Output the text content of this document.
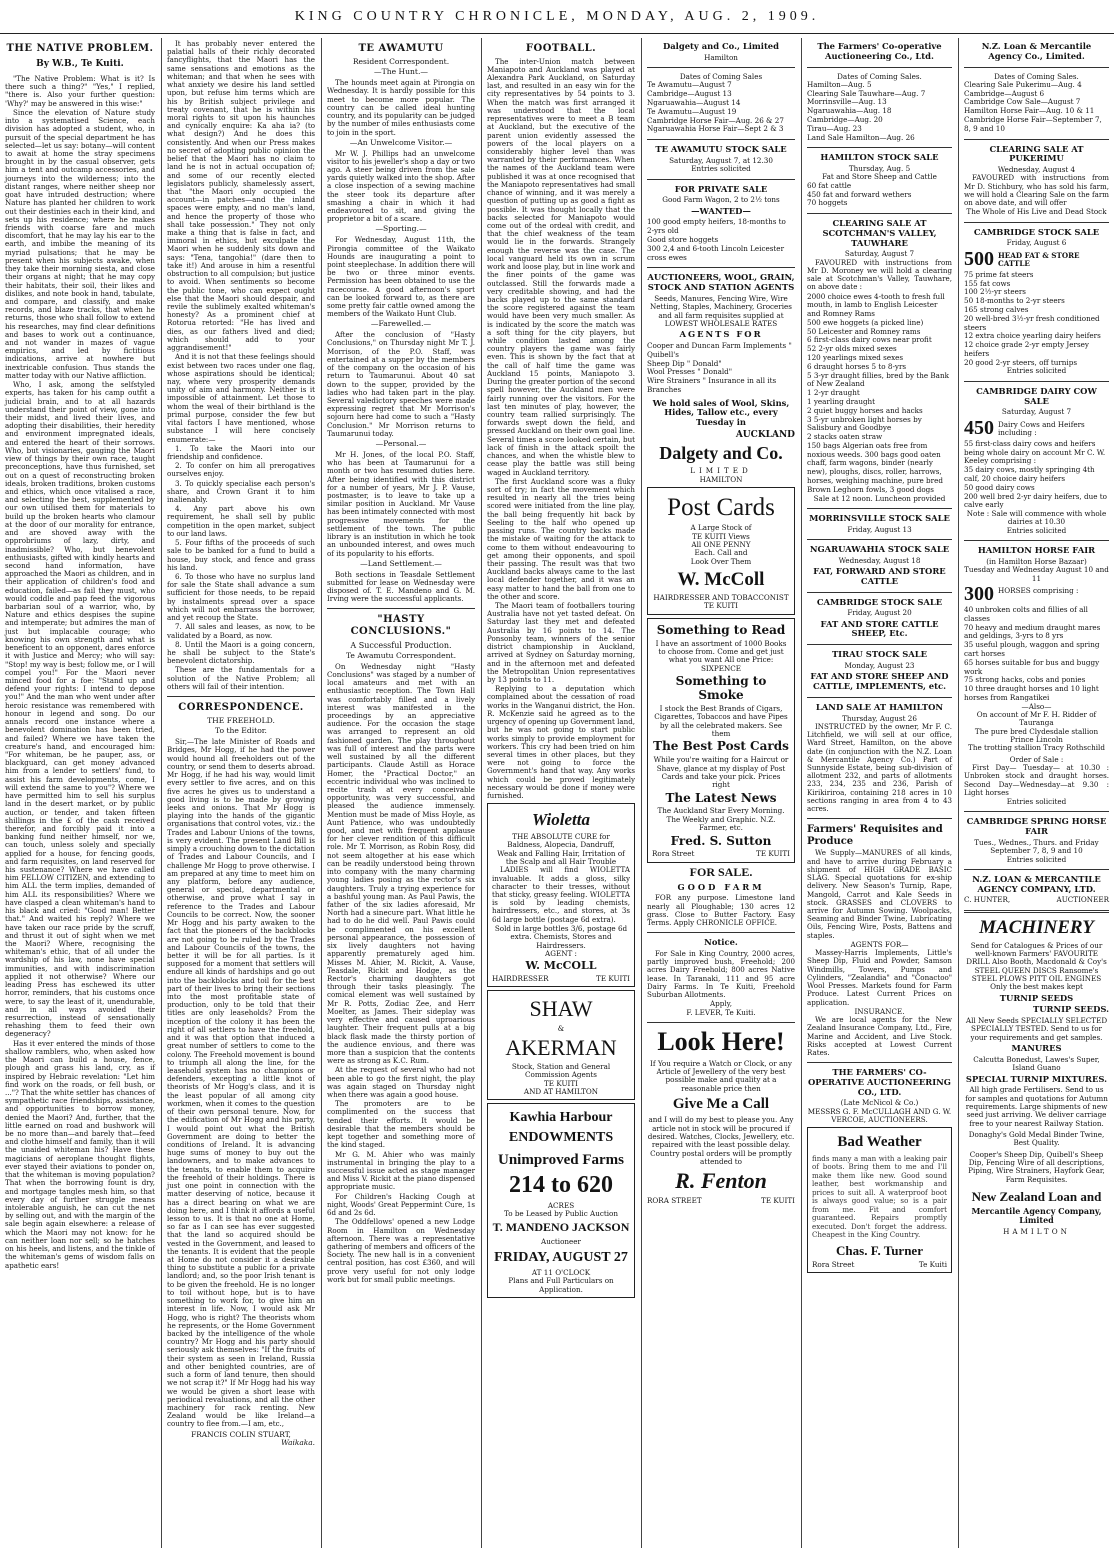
KING COUNTRY CHRONICLE, MONDAY, AUG. 2, 1909.
THE NATIVE PROBLEM.
By W.B., Te Kuiti.

"The Native Problem: What is it? Is there such a thing?" "Yes," I replied, "there is. Also your further question: 'Why?' may be answered in this wise:"

Since the elevation of Nature study into a systematised Science, each division has adopted a student, who, in pursuit of the special department he has selected—let us say: botany—will content to await at home the stray specimens brought in by the casual observer, gets him a tent and outcamp accessories, and journeys into the wilderness; into the distant ranges, where neither sheep nor goat have intruded destruction; where Nature has planted her children to work out their destinies each in their kind, and sets up his residence; where he makes friends with coarse fare and much discomfort, that he may lay his ear to the earth, and imbibe the meaning of its myriad pulsations; that he may be present when his subjects awake, when they take their morning siesta, and close their organs at night; that he may copy their habitats, their soil, their likes and dislikes, and note book in hand, tabulate, and compare, and classify, and make records, and blaze tracks, that when he returns, those who shall follow to extend his researches, may find clear definitions and bases to work out a continuance, and not wander in mazes of vague empirics, and led by fictitious indications, arrive at nowhere but inextricable confusion. Thus stands the matter today with our Native affliction.

Who, I ask, among the selfstyled experts, has taken for his camp outfit a judicial brain, and to at all hazards understand their point of view, gone into their midst, and lived their lives, and adopting their disabilities, their heredity and environment impregnated ideals, and entered the heart of their sorrows. Who, but visionaries, gauging the Maori view of things by their own race, taught preconceptions, have thus furnished, set out on a quest of reconstructing broken ideals, broken traditions, broken customs and ethics, which once vitalised a race, and selecting the best, supplemented by our own utilised them for materials to build up the broken hearts who clamour at the door of our morality for entrance, and are shoved away with the opprobriums of lazy, dirty, and inadmissible? Who, but benevolent enthusiasts, gifted with kindly hearts and second hand information, have approached the Maori as children, and in their application of children's food and education, failed—as fail they must, who would coddle and pap feed the vigorous barbarian soul of a warrior, who, by Nature and ethics despises the supine and intemperate; but admires the man of just but implacable courage; who knowing his own strength and what is beneficent to an opponent, dares enforce it with Justice and Mercy; who will say: "Stop! my way is best; follow me, or I will compel you!" For the Maori never minced food for a foe: "Stand up and defend your rights: I intend to depose you!" And the man who went under after heroic resistance was remembered with honour in legend and song. Do our annals record one instance where a benevolent domination has been tried, and failed? Where we have taken the creature's hand, and encouraged him: "For whiteman, be he pauper, ass, or blackguard, can get money advanced him from a lender to settlers' fund, to assist his farm developments, come, I will extend the same to you"? Where we have permitted him to sell his surplus land in the desert market, or by public auction, or tender, and taken fifteen shillings in the £ of the cash received therefor, and forcibly paid it into a banking fund neither himself, nor we, can touch, unless solely and specially applied for a house, for fencing goods, and farm requisites, on land reserved for his sustenance? Where we have called him FELLOW CITIZEN, and extending to him ALL the term implies, demanded of him ALL its responsibilities? Where we have clasped a clean whiteman's hand to his black and cried: "Good man! Better that." And waited his reply? Where we have taken our race pride by the scruff, and thrust it out of sight when we met the Maori? Where, recognising the whiteman's ethic, that of all under the wardship of his law, none have special immunities, and with indiscrimination applied it not otherwise? Where our leading Press has eschewed its utter horror, reminders, that his customs once were, to say the least of it, unendurable, and in all ways avoided their resurrection, instead of sensationally rehashing them to feed their own degeneracy?

Has it ever entered the minds of those shallow ramblers, who, when asked how the Maori can build a house, fence, plough and grass his land, cry, as if inspired by Hebraic revelation: "Let him find work on the roads, or fell bush, or ..."? That the white settler has chances of sympathetic race friendships, assistance, and opportunities to borrow money, denied the Maori? And, further, that the little earned on road and bushwork will be no more than—and barely that—feed and clothe himself and family, than it will the unaided whiteman his? Have these magicians of aeroplane thought flights, ever stayed their aviations to ponder on, that the whiteman is moving population? That when the borrowing fount is dry, and mortgage tangles mesh him, so that every day of further struggle means intolerable anguish, he can cut the net by selling out, and with the margin of the sale begin again elsewhere: a release of which the Maori may not know: for he can neither loan nor sell; so he hatches on his heels, and listens, and the tinkle of the whiteman's gems of wisdom falls on apathetic ears!

It has probably never entered the palatial halls of their richly decorated fancyflights, that the Maori has the same sensations and emotions as the whiteman; and that when he sees with what anxiety we desire his land settled upon, but refuse him terms which are his by British subject privilege and treaty covenant, that he is within his moral rights to sit upon his haunches and cynically enquire: Ka aha ia? (to what design?) And he does this consistently. And when our Press makes no secret of adopting public opinion the belief that the Maori has no claim to land he is not in actual occupation of; and some of our recently elected legislators publicly, shamelessly assert, that "the Maori only occupied the account—in patches—and the inland spaces were empty, and no man's land, and hence the property of those who shall take possession." They not only make a thing that is false in fact, and immoral in ethics, but exculpate the Maori when he suddenly sits down and says: "Tena, tangohia!" (dare then to take it!) And arouse in him a resentful obstruction to all compulsion; but justice to avoid. When sentiments so become the public tone, who can expect ought else that the Maori should despair, and revile the sublimely exalted whiteman's honesty? As a prominent chief at Rotorua retorted: "He has lived and dies, as our fathers lived and died; which should add to your aggrandisement!"

And it is not that these feelings should exist between two races under one flag, whose aspirations should be identical; nay, where very prosperity demands unity of aim and harmony. Neither is it impossible of attainment. Let those to whom the weal of their birthland is the primal purpose, consider the few but vital factors I have mentioned, whose substance I will here concisely enumerate:—

1. To take the Maori into our friendship and confidence.

2. To confer on him all prerogatives ourselves enjoy.

3. To quickly specialise each person's share, and Crown Grant it to him inalienably.

4. Any part above his own requirement, he shall sell by public competition in the open market, subject to our land laws.

5. Four fifths of the proceeds of such sale to be banked for a fund to build a house, buy stock, and fence and grass his land.

6. To those who have no surplus land for sale the State shall advance a sum sufficient for those needs, to be repaid by instalments spread over a space which will not embarrass the borrower, and yet recoup the State.

7. All sales and leases, as now, to be validated by a Board, as now.

8. Until the Maori is a going concern, he shall be subject to the State's benevolent dictatorship.

These are the fundamentals for a solution of the Native Problem; all others will fail of their intention.

CORRESPONDENCE.
THE FREEHOLD.
To the Editor.

Sir,—The late Minister of Roads and Bridges, Mr Hogg, if he had the power would hound all freeholders out of the country, or send them to deserts abroad. Mr Hogg, if he had his way, would limit every settler to five acres, and on this five acres he gives us to understand a good living is to be made by growing leeks and onions. That Mr Hogg is playing into the hands of the gigantic organisations that control votes, viz.: the Trades and Labour Unions of the towns, is very evident. The present Land Bill is simply a crouching down to the dictation of Trades and Labour Councils, and I challenge Mr Hogg to prove otherwise. I am prepared at any time to meet him on any platform, before any audience, general or special, departmental or otherwise, and prove what I say in reference to the Trades and Labour Councils to be correct. Now, the sooner Mr Hogg and his party awaken to the fact that the pioneers of the backblocks are not going to be ruled by the Trades and Labour Councils of the towns, the better it will be for all parties. Is it supposed for a moment that settlers will endure all kinds of hardships and go out into the backblocks and toil for the best part of their lives to bring their sections into the most profitable state of production, only to be told that their titles are only leaseholds? From the inception of the colony it has been the right of all settlers to have the freehold, and it was that option that induced a great number of settlers to come to the colony. The Freehold movement is bound to triumph all along the line, for the leasehold system has no champions or defenders, excepting a little knot of theorists of Mr Hogg's class, and it is the least popular of all among city workmen, when it comes to the question of their own personal tenure. Now, for the edification of Mr Hogg and his party, I would point out what the British Government are doing to better the conditions of Ireland. It is advancing huge sums of money to buy out the landowners, and to make advances to the tenants, to enable them to acquire the freehold of their holdings. There is just one point in connection with the matter deserving of notice, because it has a direct bearing on what we are doing here, and I think it affords a useful lesson to us. It is that no one at Home, so far as I can see has ever suggested that the land so acquired should be vested in the Government, and leased to the tenants. It is evident that the people at Home do not consider it a desirable thing to substitute a public for a private landlord; and, so the poor Irish tenant is to be given the freehold. He is no longer to toil without hope, but is to have something to work for, to give him an interest in life. Now, I would ask Mr Hogg, who is right? The theorists whom he represents, or the Home Government backed by the intelligence of the whole country? Mr Hogg and his party should seriously ask themselves: "If the fruits of their system as seen in Ireland, Russia and other benighted countries, are of such a form of land tenure, then should we not scrap it?" If Mr Hogg had his way we would be given a short lease with periodical revaluations, and all the other machinery for rack renting. New Zealand would be like Ireland—a country to flee from.—I am, etc.,

FRANCIS COLIN STUART,
Waikaka.
TE AWAMUTU
Resident Correspondent.
—The Hunt.—

The hounds meet again at Pirongia on Wednesday. It is hardly possible for this meet to become more popular. The country can be called ideal hunting country, and its popularity can be judged by the number of miles enthusiasts come to join in the sport.

—An Unwelcome Visitor.—

Mr W. J. Phillips had an unwelcome visitor to his jeweller's shop a day or two ago. A steer being driven from the sale yards quietly walked into the shop. After a close inspection of a sewing machine the steer took its departure after smashing a chair in which it had endeavoured to sit, and giving the proprietor a bit of a scare.

—Sporting.—

For Wednesday, August 11th, the Pirongia committee of the Waikato Hounds are inaugurating a point to point steeplechase. In addition there will be two or three minor events. Permission has been obtained to use the racecourse. A good afternoon's sport can be looked forward to, as there are some pretty fair cattle owned among the members of the Waikato Hunt Club.

—Farewelled.—

After the conclusion of "Hasty Conclusions," on Thursday night Mr T. J. Morrison, of the P.O. Staff, was entertained at a supper by the members of the company on the occasion of his return to Taumarunui. About 40 sat down to the supper, provided by the ladies who had taken part in the play. Several valedictory speeches were made expressing regret that Mr Morrison's sojourn here had come to such a "Hasty Conclusion." Mr Morrison returns to Taumarunui today.

—Personal.—

Mr H. Jones, of the local P.O. Staff, who has been at Taumarunui for a month or two has resumed duties here. After being identified with this district for a number of years, Mr J. P. Vause, postmaster, is to leave to take up a similar position in Auckland. Mr Vause has been intimately connected with most progressive movements for the settlement of the town. The public library is an institution in which he took an unbounded interest, and owes much of its popularity to his efforts.

—Land Settlement.—

Both sections in Teasdale Settlement submitted for lease on Wednesday were disposed of. T. E. Mandeno and G. M. Irving were the successful applicants.

"HASTY CONCLUSIONS."
A Successful Production.
Te Awamutu Correspondent.

On Wednesday night "Hasty Conclusions" was staged by a number of local amateurs and met with an enthusiastic reception. The Town Hall was comfortably filled and a lively interest was manifested in the proceedings by an appreciative audience. For the occasion the stage was arranged to represent an old fashioned garden. The play throughout was full of interest and the parts were well sustained by all the different participants. Claude Astill as Horace Homer, the "Practical Doctor," an eccentric individual who was inclined to recite trash at every conceivable opportunity, was very successful, and pleased the audience immensely. Mention must be made of Miss Hoyle, as Aunt Patience, who was undoubtedly good, and met with frequent applause for her clever rendition of this difficult role. Mr T. Morrison, as Robin Rosy, did not seem altogether at his ease which can be readily understood being thrown into company with the many charming young ladies posing as the rector's six daughters. Truly a trying experience for a bashful young man. As Paul Pawis, the father of the six ladies aforesaid, Mr North had a sinecure part. What little he had to do he did well. Paul Pawis could be complimented on his excellent personal appearance, the possession of six lively daughters not having apparently prematurely aged him. Misses M. Ahier, M. Rickit, A. Vause, Teasdale, Rickit and Hodge, as the Rector's charming daughters got through their tasks pleasingly. The comical element was well sustained by Mr R. Potts, Zodiac Zee, and Herr Moelter, as James. Their sideplay was very effective and caused uproarious laughter. Their frequent pulls at a big black flask made the thirsty portion of the audience envious, and there was more than a suspicion that the contents were as strong as K.C. Rum.

At the request of several who had not been able to go the first night, the play was again staged on Thursday night when there was again a good house.

The promoters are to be complimented on the success that tended their efforts. It would be desirable that the members should be kept together and something more of the kind staged.

Mr G. M. Ahier who was mainly instrumental in bringing the play to a successful issue acted as stage manager and Miss V. Rickit at the piano dispensed appropriate music.

For Children's Hacking Cough at night, Woods' Great Peppermint Cure, 1s 6d and 2s 6d.

The Oddfellows' opened a new Lodge Room in Hamilton on Wednesday afternoon. There was a representative gathering of members and officers of the Society. The new hall is in a convenient central position, has cost £360, and will prove very useful for not only lodge work but for small public meetings.

FOOTBALL.

The inter-Union match between Maniapoto and Auckland was played at Alexandra Park Auckland, on Saturday last, and resulted in an easy win for the city representatives by 54 points to 3. When the match was first arranged it was understood that the local representatives were to meet a B team at Auckland, but the executive of the parent union evidently assessed the powers of the local players on a considerably higher level than was warranted by their performances. When the names of the Auckland team were published it was at once recognised that the Maniapoto representatives had small chance of winning, and it was merely a question of putting up as good a fight as possible. It was thought locally that the backs selected for Maniapoto would come out of the ordeal with credit, and that the chief weakness of the team would lie in the forwards. Strangely enough the reverse was the case. The local vanguard held its own in scrum work and loose play, but in line work and the finer points of the game was outclassed. Still the forwards made a very creditable showing, and had the backs played up to the same standard the score registered against the team would have been very much smaller. As is indicated by the score the match was a soft thing for the city players, but while condition lasted among the country players the game was fairly even. This is shown by the fact that at the call of half time the game was Auckland 15 points, Maniapoto 3. During the greater portion of the second spell however, the Auckland men were fairly running over the visitors. For the last ten minutes of play, however, the country team rallied surprisingly. The forwards swept down the field, and pressed Auckland on their own goal line. Several times a score looked certain, but lack of finish in the attack spoilt the chances, and when the whistle blew to cease play the battle was still being waged in Auckland territory.

The first Auckland score was a fluky sort of try; in fact the movement which resulted in nearly all the tries being scored were initiated from the line play, the ball being frequently hit back by Seeling to the half who opened up passing runs. The country backs made the mistake of waiting for the attack to come to them without endeavouring to get among their opponents, and spoil their passing. The result was that two Auckland backs always came to the last local defender together, and it was an easy matter to hand the ball from one to the other and score.

The Maori team of footballers touring Australia have not yet tasted defeat. On Saturday last they met and defeated Australia by 16 points to 14. The Ponsonby team, winners of the senior district championship in Auckland, arrived at Sydney on Saturday morning, and in the afternoon met and defeated the Metropolitan Union representatives by 13 points to 11.

Replying to a deputation which complained about the cessation of road works in the Wanganui district, the Hon. R. McKenzie said he agreed as to the urgency of opening up Government land, but he was not going to start public works simply to provide employment for workers. This cry had been tried on him several times in other places, but they were not going to force the Government's hand that way. Any works which could be proved legitimately necessary would be done if money were furnished.

Wioletta
THE ABSOLUTE CURE for
Baldness, Alopecia, Dandruff,
Weak and Falling Hair, Irritation of the Scalp and all Hair Trouble

LADIES will find WIOLETTA invaluable. It adds a gloss, silky character to their tresses, without that sticky, greasy feeling. WIOLETTA is sold by leading chemists, hairdressers, etc., and stores, at 3s 6d large bottle (postage 6d extra).

Sold in large bottles 3/6, postage 6d extra. Chemists, Stores and Hairdressers.
AGENT :
W. McCOLL
HAIRDRESSER	TE KUITI
SHAW
&
AKERMAN
Stock, Station and General Commission Agents
TE KUITI
AND AT HAMILTON
Kawhia Harbour
ENDOWMENTS
Unimproved Farms
214 to 620
ACRES
To be Leased by Public Auction
T. MANDENO JACKSON
Auctioneer
FRIDAY, AUGUST 27
AT 11 O'CLOCK
Plans and Full Particulars on Application.
Dalgety and Co., Limited
Hamilton
Dates of Coming Sales
Te Awamutu—August 7
Cambridge—August 13
Ngaruawahia—August 14
Te Awamutu—August 19
Cambridge Horse Fair—Aug. 26 & 27
Ngaruawahia Horse Fair—Sept 2 & 3
TE AWAMUTU STOCK SALE
Saturday, August 7, at 12.30
Entries solicited
FOR PRIVATE SALE
Good Farm Wagon, 2 to 2½ tons
—WANTED—
100 good empty heifers, 18-months to 2-yrs old
Good store hoggets
300 2,4 and 6-tooth Lincoln Leicester cross ewes
AUCTIONEERS, WOOL, GRAIN, STOCK AND STATION AGENTS
Seeds, Manures, Fencing Wire, Wire Netting, Staples, Machinery, Groceries and all farm requisites supplied at LOWEST WHOLESALE RATES
AGENTS FOR
Cooper and Duncan Farm Implements " Quibell's
Sheep Dip " Donald"
Wool Presses " Donald"
Wire Strainers " Insurance in all its Branches
We hold sales of Wool, Skins, Hides, Tallow etc., every Tuesday in
AUCKLAND
Dalgety and Co.
LIMITED
HAMILTON
Post Cards
A Large Stock of
TE KUITI Views
All ONE PENNY
Each. Call and
Look Over Them
W. McColl
HAIRDRESSER AND TOBACCONIST
TE KUITI
Something to Read
I have an assortment of 1000 Books to choose from. Come and get just what you want All one Price: SIXPENCE
Something to Smoke
I stock the Best Brands of Cigars, Cigarettes, Tobaccos and have Pipes by all the celebrated makers. See them
The Best Post Cards
While you're waiting for a Haircut or Shave, glance at my display of Post Cards and take your pick. Prices right
The Latest News
The Auckland Star Every Morning. The Weekly and Graphic. N.Z. Farmer, etc.
Fred. S. Sutton
Rora Street	TE KUITI
FOR SALE.
GOOD FARM

FOR any purpose. Limestone land nearly all Ploughable; 130 acres 12 grass. Close to Butter Factory. Easy Terms. Apply CHRONICLE OFFICE.

Notice.

For Sale in King Country, 2000 acres, partly improved bush, Freehold; 200 acres Dairy Freehold; 800 acres Native lease. In Taranaki, 111 and 95 acre Dairy Farms. In Te Kuiti, Freehold Suburban Allotments.

Apply,
F. LEVER, Te Kuiti.
Look Here!
If You require a Watch or Clock, or any Article of Jewellery of the very best possible make and quality at a reasonable price then
Give Me a Call
and I will do my best to please you. Any article not in stock will be procured if desired. Watches, Clocks, Jewellery, etc. repaired with the least possible delay. Country postal orders will be promptly attended to
R. Fenton
RORA STREET	TE KUITI
The Farmers' Co-operative Auctioneering Co., Ltd.
Dates of Coming Sales.
Hamilton—Aug. 5
Clearing Sale Tauwhare—Aug. 7
Morrinsville—Aug. 13
Ngaruawahia—Aug. 18
Cambridge—Aug. 20
Tirau—Aug. 23
Land Sale Hamilton—Aug. 26
HAMILTON STOCK SALE
Thursday, Aug. 5
Fat and Store Sheep and Cattle
60 fat cattle
450 fat and forward wethers
70 hoggets
CLEARING SALE AT SCOTCHMAN'S VALLEY, TAUWHARE
Saturday, August 7

FAVOURED with instructions from Mr D. Moroney we will hold a clearing sale at Scotchman's Valley, Tauwhare, on above date :

2000 choice ewes 4-tooth to fresh full mouth, in lamb to English Leicester and Romney Rams
500 ewe hoggets (a picked line)
50 Leicester and Romney rams
6 first-class dairy cows near profit
52 2-yr olds mixed sexes
120 yearlings mixed sexes
6 draught horses 5 to 8-yrs
5 3-yr draught fillies, bred by the Bank of New Zealand
1 2-yr draught
1 yearling draught
2 quiet buggy horses and hacks
3 5-yr unbroken light horses by Salisbury and Goodbye
2 stacks oaten straw
150 bags Algerian oats free from noxious weeds. 300 bags good oaten chaff, farm wagons, binder (nearly new), ploughs, discs, roller, harrows, horses, weighing machine, pure bred Brown Leghorn fowls, 3 good dogs
Sale at 12 noon. Luncheon provided
MORRINSVILLE STOCK SALE
Friday, August 13
NGARUAWAHIA STOCK SALE
Wednesday, August 18
FAT, FORWARD AND STORE CATTLE
CAMBRIDGE STOCK SALE
Friday, August 20
FAT AND STORE CATTLE SHEEP, Etc.
TIRAU STOCK SALE
Monday, August 23
FAT AND STORE SHEEP AND CATTLE, IMPLEMENTS, etc.
LAND SALE AT HAMILTON
Thursday, August 26

INSTRUCTED by the owner, Mr F. C. Litchfield, we will sell at our office, Ward Street, Hamilton, on the above date (in conjunction with the N.Z. Loan & Mercantile Agency Co.) Part of Sunnyside Estate, being sub-division of allotment 232, and parts of allotments 233, 234, 235 and 236, Parish of Kirikiriroa, containing 218 acres in 10 sections ranging in area from 4 to 43 acres.

Farmers' Requisites and Produce

We Supply—MANURES of all kinds, and have to arrive during February a shipment of HIGH GRADE BASIC SLAG. Special quotations for ex-ship delivery. New Season's Turnip, Rape, Mangold, Carrot and Kale Seeds in stock. GRASSES and CLOVERS to arrive for Autumn Sowing. Woolpacks, Seaming and Binder Twine, Lubricating Oils, Fencing Wire, Posts, Battens and staples.

AGENTS FOR—

Massey-Harris Implements, Little's Sheep Dip, Fluid and Powder, Samson Windmills, Towers, Pumps and Cylinders, "Zealandia" and "Conactoo" Wool Presses. Markets found for Farm Produce. Latest Current Prices on application.

INSURANCE.

We are local agents for the New Zealand Insurance Company, Ltd., Fire, Marine and Accident, and Live Stock. Risks accepted at Lowest Current Rates.

THE FARMERS' CO-OPERATIVE AUCTIONEERING CO., LTD.
(Late McNicol & Co.)
MESSRS G. F. McCULLAGH AND G. W. VERCOE, AUCTIONEERS.
Bad Weather
finds many a man with a leaking pair of boots. Bring them to me and I'll make them like new. Good sound leather, best workmanship and prices to suit all. A waterproof boot is always good value; so is a pair from me. Fit and comfort guaranteed. Repairs promptly executed. Don't forget the address. Cheapest in the King Country.
Chas. F. Turner
Rora Street	Te Kuiti
N.Z. Loan & Mercantile Agency Co., Limited.
Dates of Coming Sales.
Clearing Sale Pukerimu—Aug. 4
Cambridge—August 6
Cambridge Cow Sale—August 7
Hamilton Horse Fair—Aug. 10 & 11
Cambridge Horse Fair—September 7, 8, 9 and 10
CLEARING SALE AT PUKERIMU
Wednesday, August 4

FAVOURED with instructions from Mr D. Stichbury, who has sold his farm, we will hold a Clearing Sale on the farm on above date, and will offer

The Whole of His Live and Dead Stock
CAMBRIDGE STOCK SALE
Friday, August 6
500 HEAD FAT & STORE CATTLE
75 prime fat steers
155 fat cows
100 2½-yr steers
50 18-months to 2-yr steers
165 strong calves
20 well-bred 3½-yr fresh conditioned steers
12 extra choice yearling dairy heifers
12 choice grade 2-yr empty Jersey heifers
20 good 2-yr steers, off turnips
Entries solicited
CAMBRIDGE DAIRY COW SALE
Saturday, August 7
450 Dairy Cows and Heifers including :
55 first-class dairy cows and heifers being whole dairy on account Mr C. W. Keeley comprising :
35 dairy cows, mostly springing 4th calf, 20 choice dairy heifers
50 good dairy cows
200 well bred 2-yr dairy heifers, due to calve early
Note : Sale will commence with whole dairies at 10.30
Entries solicited
HAMILTON HORSE FAIR
(in Hamilton Horse Bazaar)
Tuesday and Wednesday August 10 and 11
300 HORSES comprising :
40 unbroken colts and fillies of all classes
70 heavy and medium draught mares and geldings, 3-yrs to 8 yrs
35 useful plough, waggon and spring cart horses
65 horses suitable for bus and buggy work
75 strong hacks, cobs and ponies
10 three draught horses and 10 light horses from Rangatikei
—Also—
On account of Mr F. H. Ridder of Tauranga
The pure bred Clydesdale stallion Prince Lincoln
The trotting stallion Tracy Rothschild
Order of Sale :

First Day— Tuesday— at 10.30 : Unbroken stock and draught horses. Second Day—Wednesday—at 9.30 : Light horses

Entries solicited
CAMBRIDGE SPRING HORSE FAIR
Tues., Wednes., Thurs. and Friday September 7, 8, 9 and 10
Entries solicited
N.Z. LOAN & MERCANTILE AGENCY COMPANY, LTD.
C. HUNTER,	AUCTIONEER
MACHINERY
Send for Catalogues & Prices of our well-known Farmers' FAVOURITE DRILL Also Booth, Macdonald & Coy's STEEL QUEEN DISCS Ransome's STEEL PLOWS PITT OIL ENGINES Only the best makes kept
TURNIP SEEDS
TURNIP SEEDS.
All New Seeds SPECIALLY SELECTED SPECIALLY TESTED. Send to us for your requirements and get samples.
MANURES
Calcutta Bonedust, Lawes's Super, Island Guano
SPECIAL TURNIP MIXTURES.
All high grade Fertilisers. Send to us for samples and quotations for Autumn requirements. Large shipments of new seed just arriving. We deliver carriage free to your nearest Railway Station.
Donaghy's Gold Medal Binder Twine, Best Quality.
Cooper's Sheep Dip, Quibell's Sheep Dip, Fencing Wire of all descriptions, Piping, Wire Strainers, Hayfork Gear, Farm Requisites.
New Zealand Loan and
Mercantile Agency Company, Limited
HAMILTON
